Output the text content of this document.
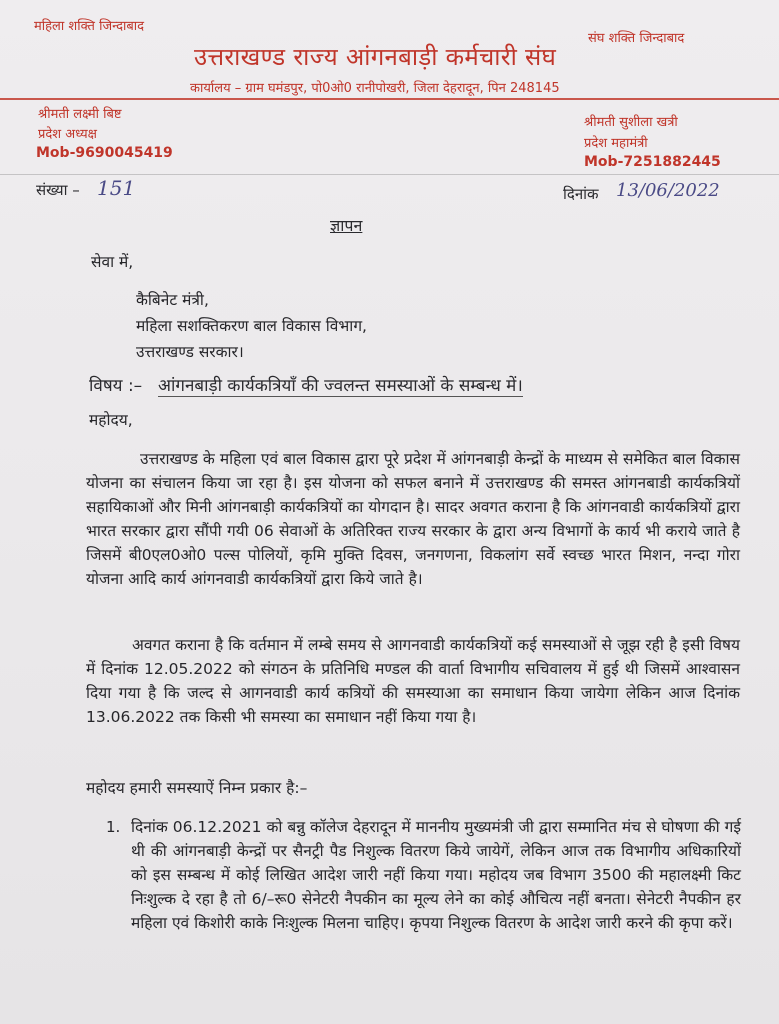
महिला शक्ति जिन्दाबाद
संघ शक्ति जिन्दाबाद
उत्तराखण्ड राज्य आंगनबाड़ी कर्मचारी संघ
कार्यालय – ग्राम घमंडपुर, पो0ओ0 रानीपोखरी, जिला देहरादून, पिन 248145
श्रीमती लक्ष्मी बिष्ट
प्रदेश अध्यक्ष
Mob-9690045419
श्रीमती सुशीला खत्री
प्रदेश महामंत्री
Mob-7251882445
संख्या – 151	दिनांक 13/06/2022
ज्ञापन
सेवा में,
कैबिनेट मंत्री,
महिला सशक्तिकरण बाल विकास विभाग,
उत्तराखण्ड सरकार।
विषय :– आंगनबाड़ी कार्यकत्रियाँ की ज्वलन्त समस्याओं के सम्बन्ध में।
महोदय,
उत्तराखण्ड के महिला एवं बाल विकास द्वारा पूरे प्रदेश में आंगनबाड़ी केन्द्रों के माध्यम से समेकित बाल विकास योजना का संचालन किया जा रहा है। इस योजना को सफल बनाने में उत्तराखण्ड की समस्त आंगनबाडी कार्यकत्रियों सहायिकाओं और मिनी आंगनबाड़ी कार्यकत्रियों का योगदान है। सादर अवगत कराना है कि आंगनवाडी कार्यकत्रियों द्वारा भारत सरकार द्वारा सौंपी गयी 06 सेवाओं के अतिरिक्त राज्य सरकार के द्वारा अन्य विभागों के कार्य भी कराये जाते है जिसमें बी0एल0ओ0 पल्स पोलियों, कृमि मुक्ति दिवस, जनगणना, विकलांग सर्वे स्वच्छ भारत मिशन, नन्दा गोरा योजना आदि कार्य आंगनवाडी कार्यकत्रियों द्वारा किये जाते है।
अवगत कराना है कि वर्तमान में लम्बे समय से आगनवाडी कार्यकत्रियों कई समस्याओं से जूझ रही है इसी विषय में दिनांक 12.05.2022 को संगठन के प्रतिनिधि मण्डल की वार्ता विभागीय सचिवालय में हुई थी जिसमें आश्वासन दिया गया है कि जल्द से आगनवाडी कार्य कत्रियों की समस्याआ का समाधान किया जायेगा लेकिन आज दिनांक 13.06.2022 तक किसी भी समस्या का समाधान नहीं किया गया है।
महोदय हमारी समस्याऐं निम्न प्रकार है:–
1. दिनांक 06.12.2021 को बन्नु कॉलेज देहरादून में माननीय मुख्यमंत्री जी द्वारा सम्मानित मंच से घोषणा की गई थी की आंगनबाड़ी केन्द्रों पर सैनट्री पैड निशुल्क वितरण किये जायेगें, लेकिन आज तक विभागीय अधिकारियों को इस सम्बन्ध में कोई लिखित आदेश जारी नहीं किया गया। महोदय जब विभाग 3500 की महालक्ष्मी किट निःशुल्क दे रहा है तो 6/–रू0 सेनेटरी नैपकीन का मूल्य लेने का कोई औचित्य नहीं बनता। सेनेटरी नैपकीन हर महिला एवं किशोरी काके निःशुल्क मिलना चाहिए। कृपया निशुल्क वितरण के आदेश जारी करने की कृपा करें।
